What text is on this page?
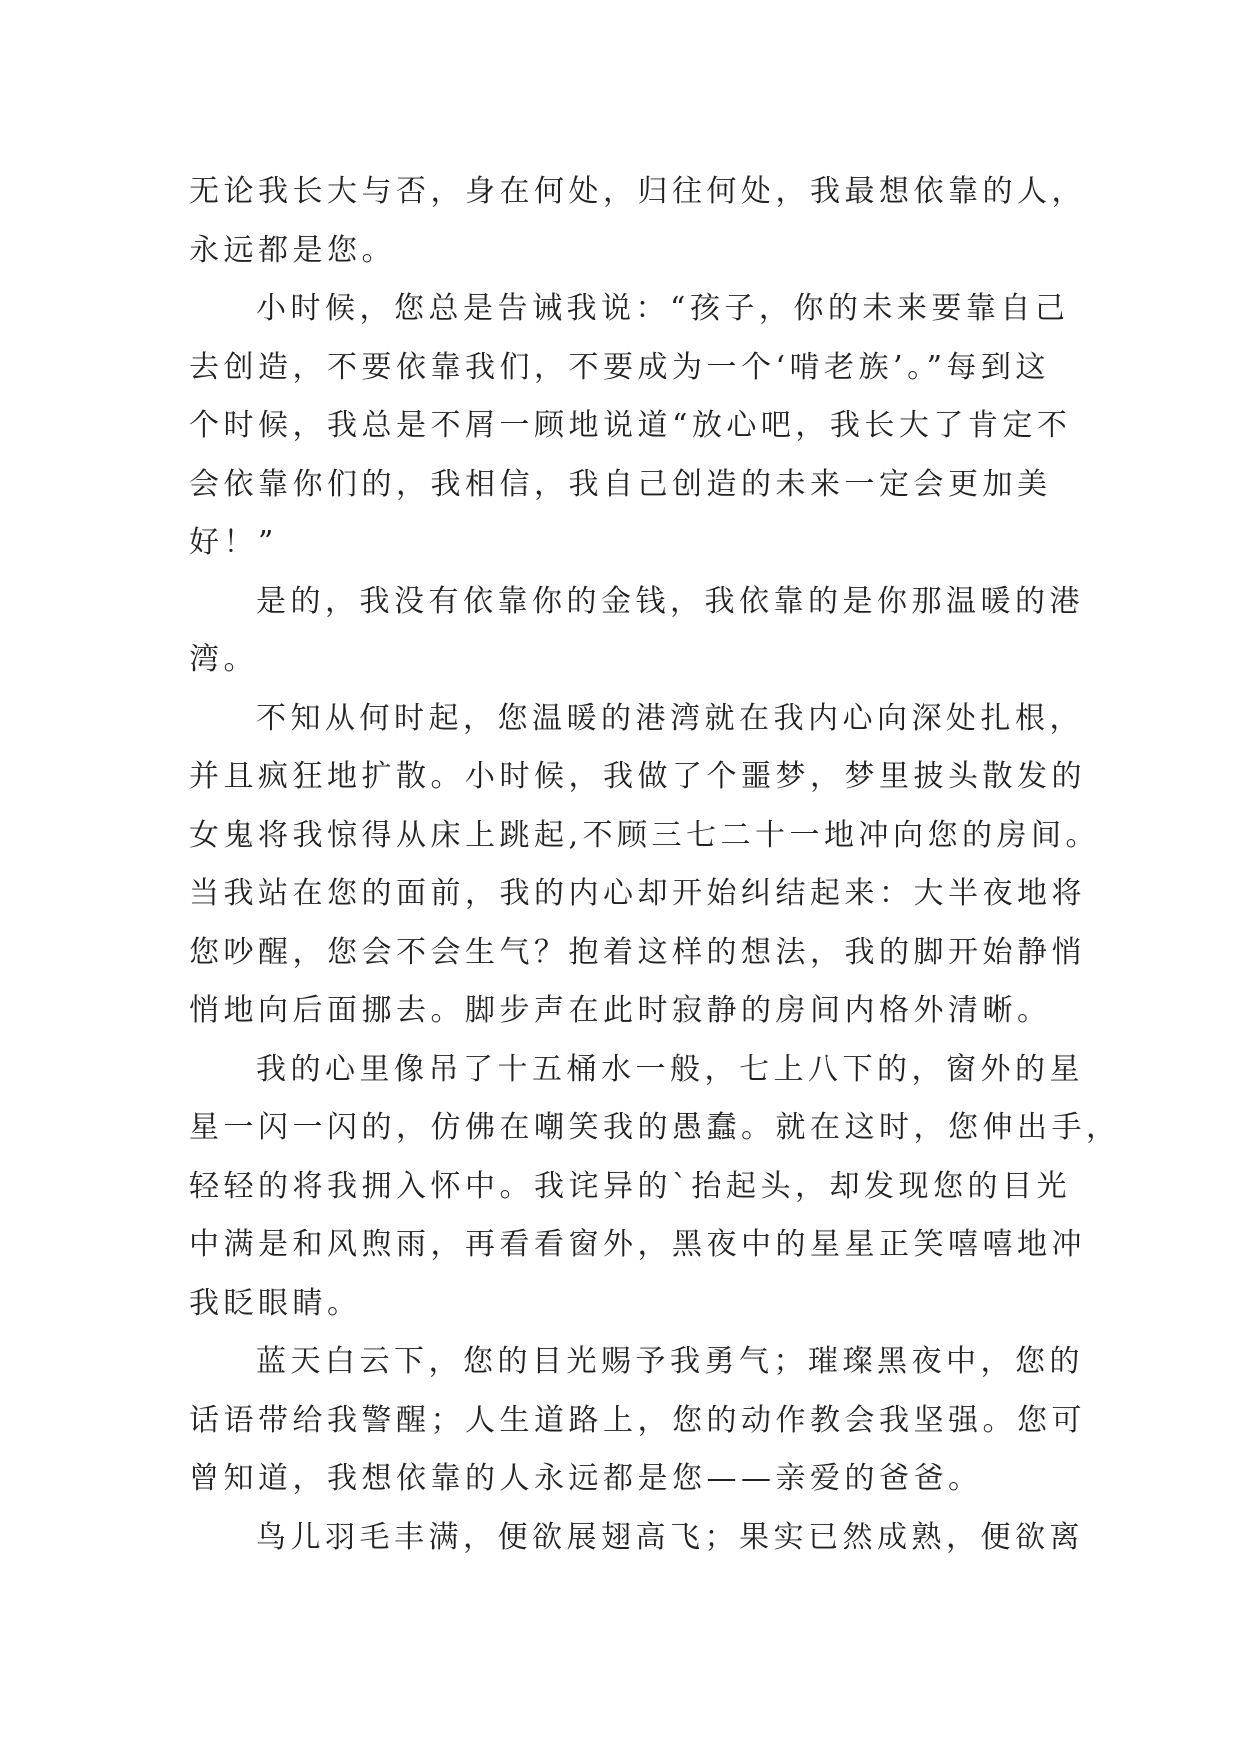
无论我长大与否，身在何处，归往何处，我最想依靠的人，
永远都是您。
小时候，您总是告诫我说：“孩子，你的未来要靠自己
去创造，不要依靠我们，不要成为一个‘啃老族’。”每到这
个时候，我总是不屑一顾地说道“放心吧，我长大了肯定不
会依靠你们的，我相信，我自己创造的未来一定会更加美
好！”
是的，我没有依靠你的金钱，我依靠的是你那温暖的港
湾。
不知从何时起，您温暖的港湾就在我内心向深处扎根，
并且疯狂地扩散。小时候，我做了个噩梦，梦里披头散发的
女鬼将我惊得从床上跳起,不顾三七二十一地冲向您的房间。
当我站在您的面前，我的内心却开始纠结起来：大半夜地将
您吵醒，您会不会生气？抱着这样的想法，我的脚开始静悄
悄地向后面挪去。脚步声在此时寂静的房间内格外清晰。
我的心里像吊了十五桶水一般，七上八下的，窗外的星
星一闪一闪的，仿佛在嘲笑我的愚蠢。就在这时，您伸出手，
轻轻的将我拥入怀中。我诧异的`抬起头，却发现您的目光
中满是和风煦雨，再看看窗外，黑夜中的星星正笑嘻嘻地冲
我眨眼睛。
蓝天白云下，您的目光赐予我勇气；璀璨黑夜中，您的
话语带给我警醒；人生道路上，您的动作教会我坚强。您可
曾知道，我想依靠的人永远都是您——亲爱的爸爸。
鸟儿羽毛丰满，便欲展翅高飞；果实已然成熟，便欲离
